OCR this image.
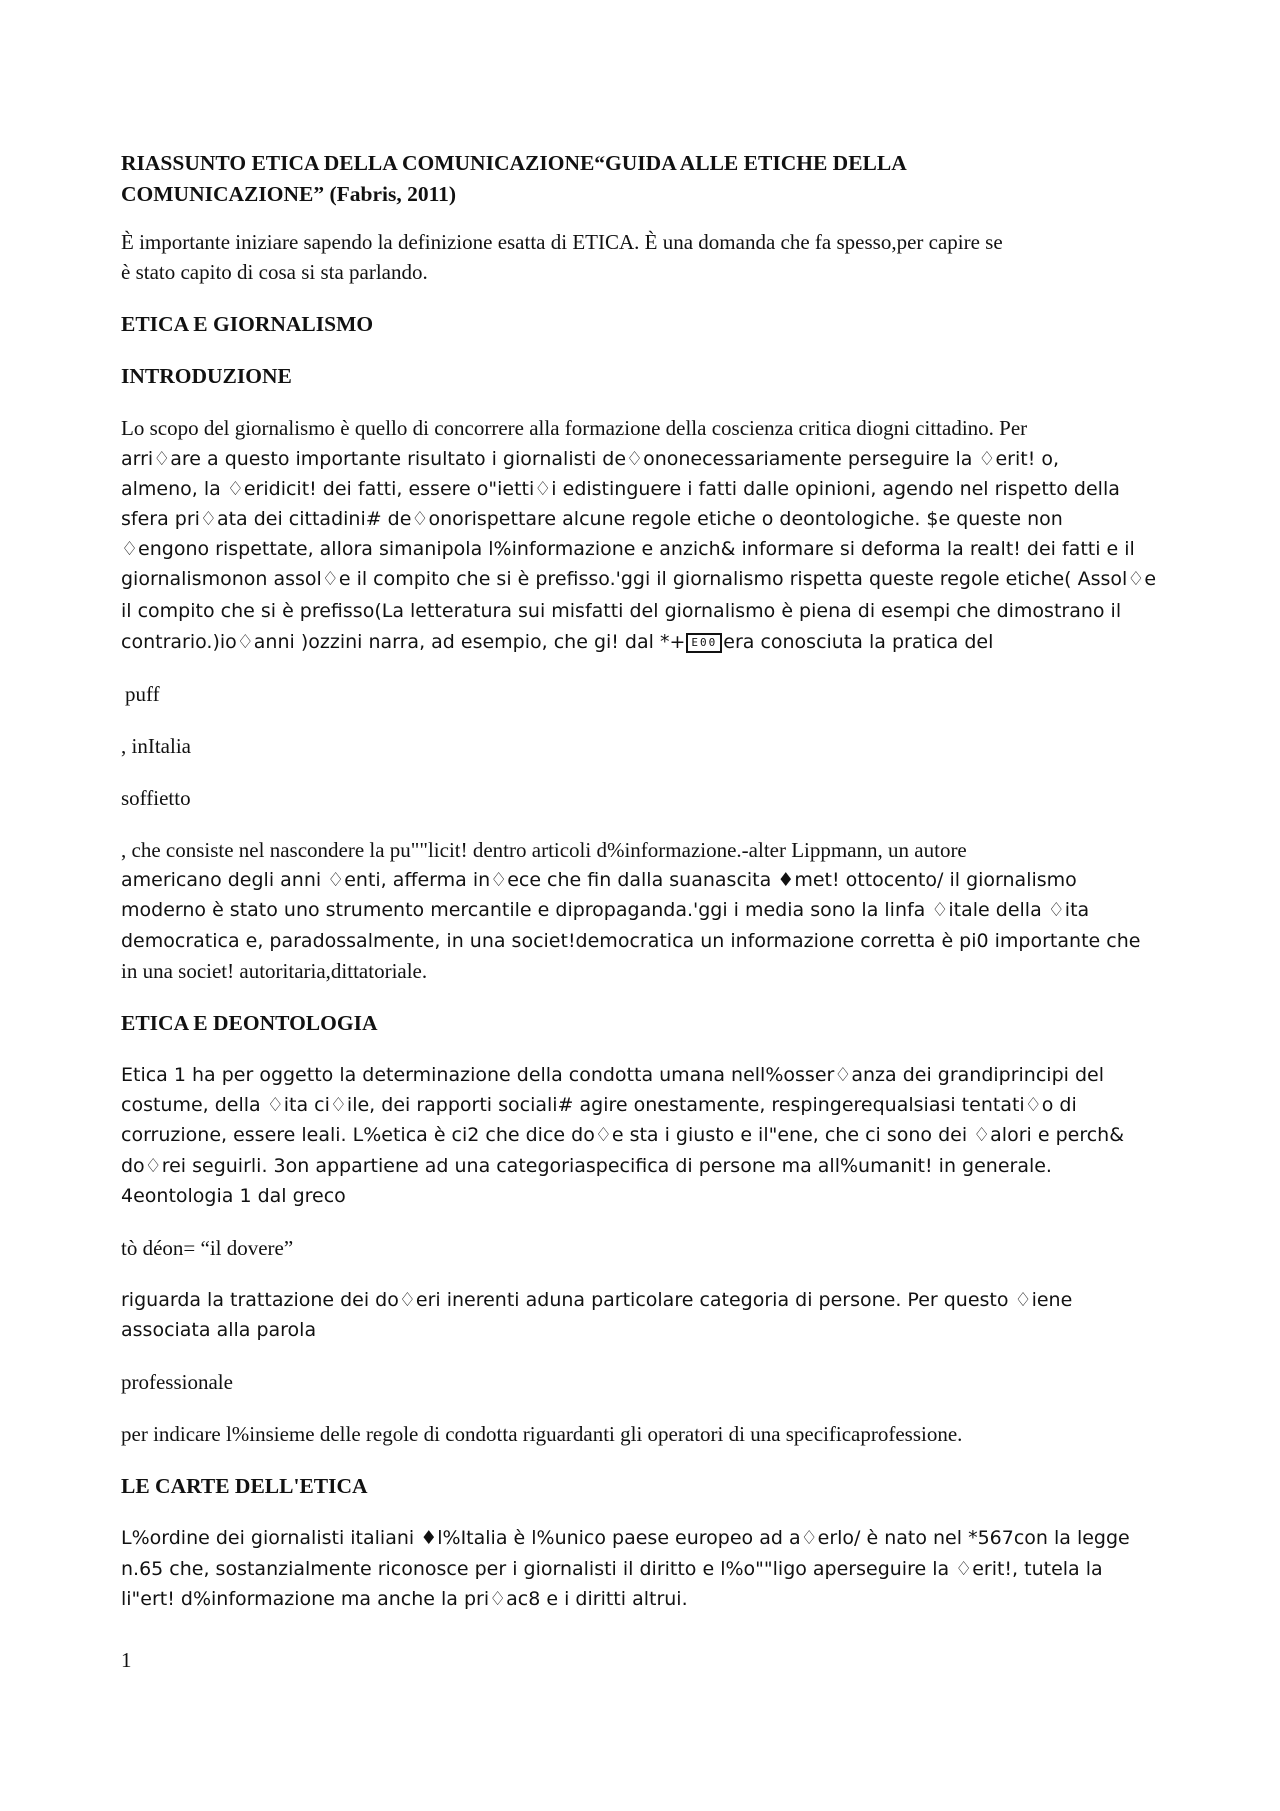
RIASSUNTO ETICA DELLA COMUNICAZIONE“GUIDA ALLE ETICHE DELLA
COMUNICAZIONE” (Fabris, 2011)
È importante iniziare sapendo la definizione esatta di ETICA. È una domanda che fa spesso,per capire se
è stato capito di cosa si sta parlando.
ETICA E GIORNALISMO
INTRODUZIONE
Lo scopo del giornalismo è quello di concorrere alla formazione della coscienza critica diogni cittadino. Per
arri♢are a questo importante risultato i giornalisti de♢ononecessariamente perseguire la ♢erit! o,
almeno, la ♢eridicit! dei fatti, essere o"ietti♢i edistinguere i fatti dalle opinioni, agendo nel rispetto della
sfera pri♢ata dei cittadini# de♢onorispettare alcune regole etiche o deontologiche. $e queste non
♢engono rispettate, allora simanipola l%informazione e anzich& informare si deforma la realt! dei fatti e il
giornalismonon assol♢e il compito che si è prefisso.'ggi il giornalismo rispetta queste regole etiche( Assol♢e
il compito che si è prefisso(La letteratura sui misfatti del giornalismo è piena di esempi che dimostrano il
contrario.)io♢anni )ozzini narra, ad esempio, che gi! dal *+ E00 era conosciuta la pratica del
puff
, inItalia
soffietto
, che consiste nel nascondere la pu""licit! dentro articoli d%informazione.-alter Lippmann, un autore
americano degli anni ♢enti, afferma in♢ece che fin dalla suanascita ♦met! ottocento/ il giornalismo
moderno è stato uno strumento mercantile e dipropaganda.'ggi i media sono la linfa ♢itale della ♢ita
democratica e, paradossalmente, in una societ!democratica un informazione corretta è pi0 importante che
in una societ! autoritaria,dittatoriale.
ETICA E DEONTOLOGIA
Etica 1 ha per oggetto la determinazione della condotta umana nell%osser♢anza dei grandiprincipi del
costume, della ♢ita ci♢ile, dei rapporti sociali# agire onestamente, respingerequalsiasi tentati♢o di
corruzione, essere leali. L%etica è ci2 che dice do♢e sta i giusto e il"ene, che ci sono dei ♢alori e perch&
do♢rei seguirli. 3on appartiene ad una categoriaspecifica di persone ma all%umanit! in generale.
4eontologia 1 dal greco
tò déon= “il dovere”
riguarda la trattazione dei do♢eri inerenti aduna particolare categoria di persone. Per questo ♢iene
associata alla parola
professionale
per indicare l%insieme delle regole di condotta riguardanti gli operatori di una specificaprofessione.
LE CARTE DELL'ETICA
L%ordine dei giornalisti italiani ♦l%Italia è l%unico paese europeo ad a♢erlo/ è nato nel *567con la legge
n.65 che, sostanzialmente riconosce per i giornalisti il diritto e l%o""ligo aperseguire la ♢erit!, tutela la
li"ert! d%informazione ma anche la pri♢ac8 e i diritti altrui.
1
